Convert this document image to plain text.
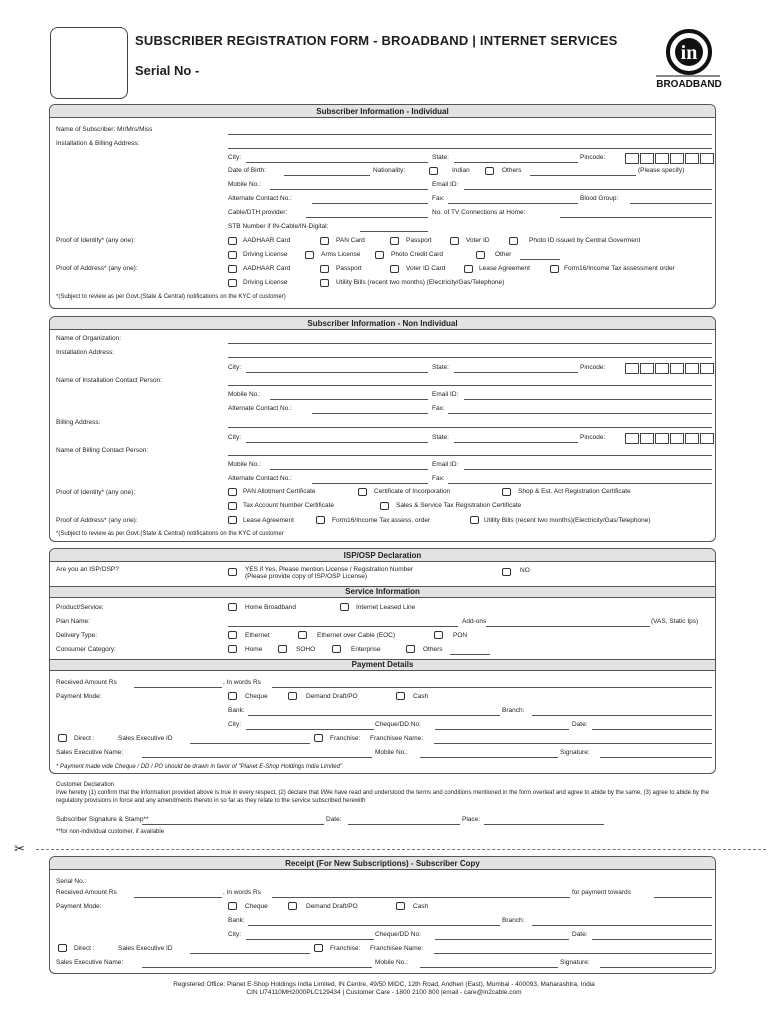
SUBSCRIBER REGISTRATION FORM - BROADBAND | INTERNET SERVICES
Serial No -
in
BROADBAND
Subscriber Information - Individual
Name of Subscriber: Mr/Mrs/Miss
Installation & Billing Address:
City:	State:	Pincode:
Date of Birth:	Nationality:	Indian	Others	(Please specify)
Mobile No.:	Email ID:
Alternate Contact No.:	Fax:	Blood Group:
Cable/DTH provider:	No. of TV Connections at Home:
STB Number if IN-Cable/IN-Digital:
Proof of Identity* (any one):	AADHAAR Card	PAN Card	Passport	Voter ID	Photo ID issued by Central Goverment
Driving License	Arms License	Photo Credit Card	Other
Proof of Address* (any one):	AADHAAR Card	Passport	Voter ID Card	Lease Agreement	Form16/Income Tax assessment order
Driving License	Utility Bills (recent two months) (Electricity/Gas/Telephone)
*(Subject to review as per Govt.(State & Central) notifications on the KYC of customer)
Subscriber Information - Non Individual
Name of Organization:
Installation Address:
City:	State:	Pincode:
Name of Installation Contact Person:
Mobile No.:	Email ID:
Alternate Contact No.:	Fax:
Billing Address:
City:	State:	Pincode:
Name of Billing Contact Person:
Mobile No.:	Email ID:
Alternate Contact No.:	Fax:
Proof of Identity* (any one):	PAN Allotment Certificate	Certificate of Incorporation	Shop & Est. Act Registration Certificate
Tax Account Number Certificate	Sales & Service Tax Registration Certificate
Proof of Address* (any one):	Lease Agreement	Form16/Income Tax assess. order	Utility Bills (recent two months)(Electricity/Gas/Telephone)
*(Subject to review as per Govt.(State & Central) notifications on the KYC of customer
ISP/OSP Declaration
Are you an ISP/OSP?	YES if Yes, Please mention License / Registration Number
(Please provide copy of ISP/OSP License)
NO
Service Information
Product/Service:	Home Broadband	Internet Leased Line
Plan Name:	Add-ons	(VAS, Static Ips)
Delivery Type:	Ethernet	Ethernet over Cable (EOC)	PON
Consumer Category:	Home	SOHO	Enterprise	Others
Payment Details
Received Amount Rs	, In words Rs
Payment Mode:	Cheque	Demand Draft/PO	Cash
Bank:	Branch:
City:	Cheque/DD No:	Date:
Direct :	Sales Executive ID	Franchise: Franchisee Name:
Sales Executive Name:	Mobile No.:	Signature:
* Payment made vide Cheque / DD / PO should be drawn in favor of "Planet E-Shop Holdings India Limited"
Customer Declaration
I/we hereby (1) confirm that the information provided above is true in every respect, (2) declare that I/We have read and understood the terms and conditions mentioned in the form overleaf and agree to abide by the same, (3) agree to abide by the regulatory provisions in force and any amendments thereto in so far as they relate to the service subscribed herewith
Subscriber Signature & Stamp**	Date:	Place:
**for non-individual customer, if available
✂
Receipt (For New Subscriptions) - Subscriber Copy
Serial No.:
Received Amount Rs	, In words Rs	for payment towards
Payment Mode:	Cheque	Demand Draft/PO	Cash
Bank:	Branch:
City:	Cheque/DD No:	Date:
Direct :	Sales Executive ID	Franchise: Franchisee Name:
Sales Executive Name:	Mobile No.:	Signature:
Registered Office: Planet E-Shop Holdings India Limited, IN Centre, 49/50 MIDC, 12th Road, Andheri (East), Mumbai - 400093, Maharashtra, India
CIN U74110MH2000PLC129434 | Customer Care - 1800 2100 800 |email - care@in2cable.com
